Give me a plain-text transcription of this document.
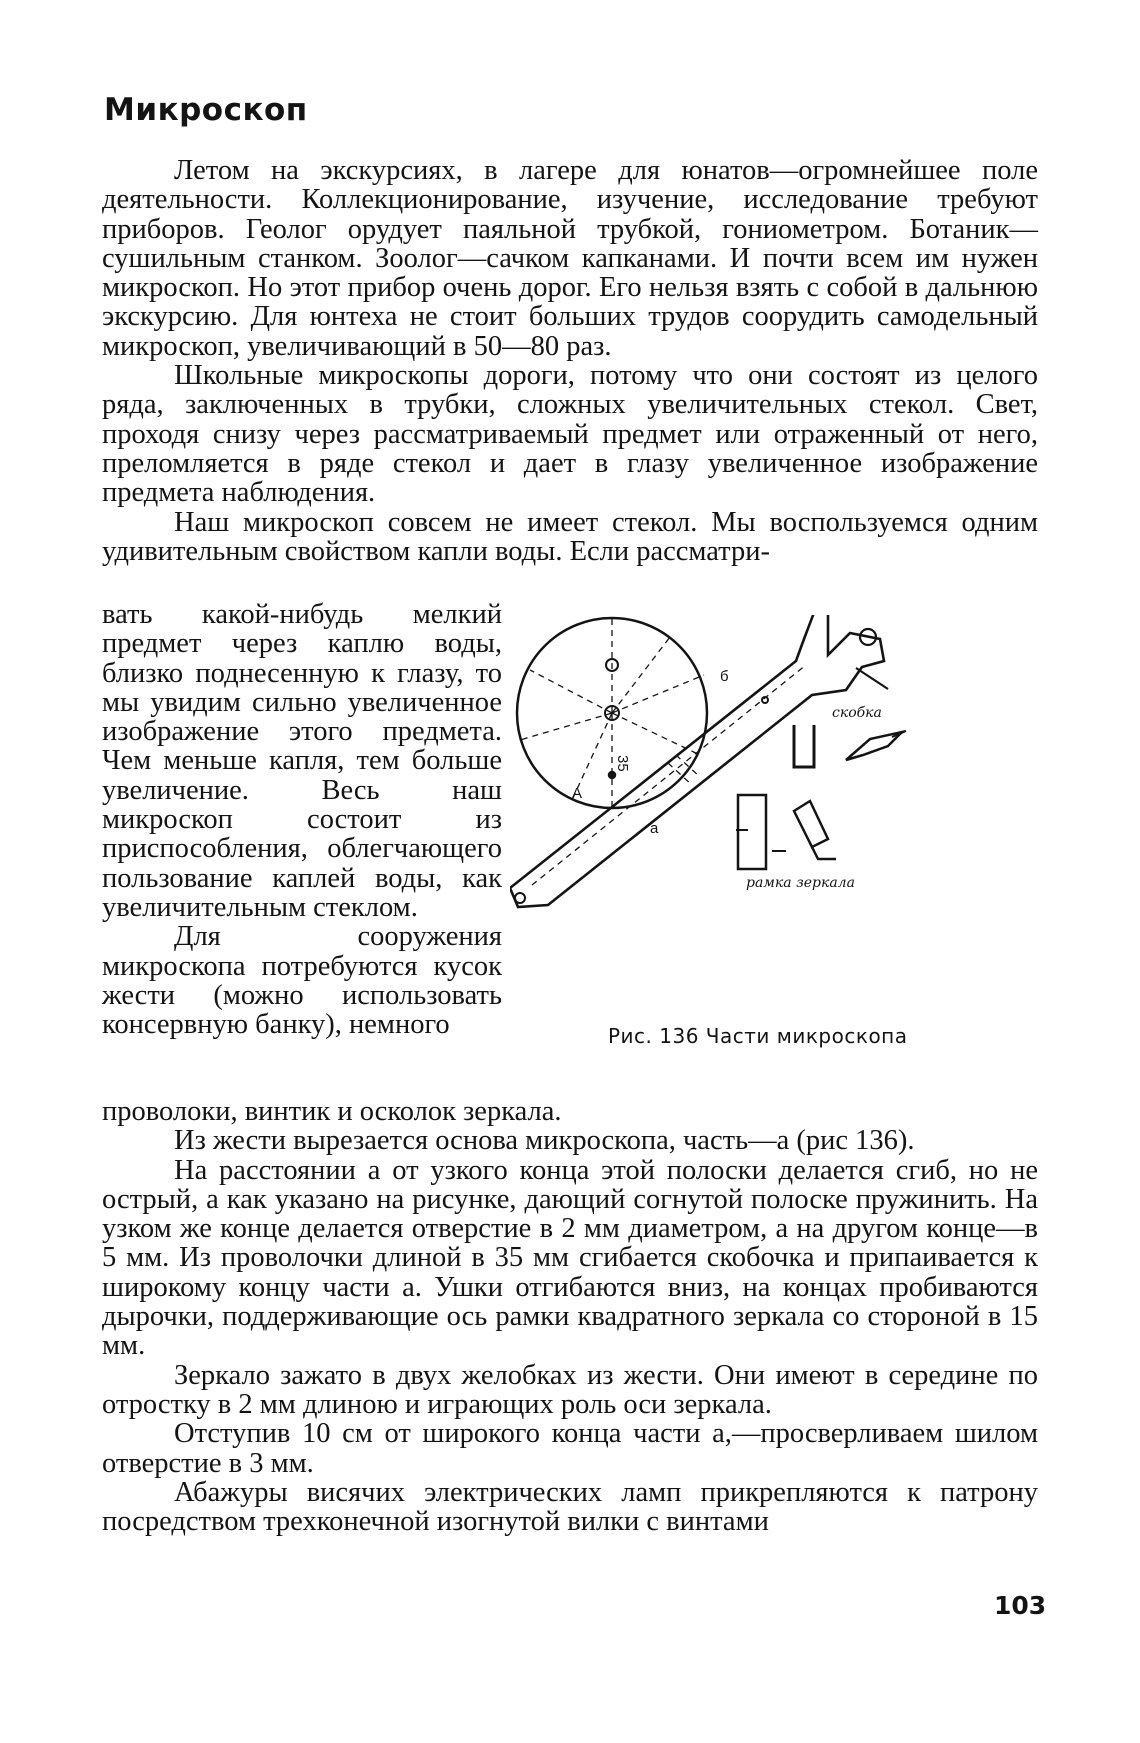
Микроскоп

Летом на экскурсиях, в лагере для юнатов—огромнейшее поле деятельности. Коллекционирование, изучение, исследование требуют приборов. Геолог орудует паяльной трубкой, гониометром. Ботаник—сушильным станком. Зоолог—сачком капканами. И почти всем им нужен микроскоп. Но этот прибор очень дорог. Его нельзя взять с собой в дальнюю экскурсию. Для юнтеха не стоит больших трудов соорудить самодельный микроскоп, увеличивающий в 50—80 раз.

Школьные микроскопы дороги, потому что они состоят из целого ряда, заключенных в трубки, сложных увеличительных стекол. Свет, проходя снизу через рассматриваемый предмет или отраженный от него, преломляется в ряде стекол и дает в глазу увеличенное изображение предмета наблюдения.

Наш микроскоп совсем не имеет стекол. Мы воспользуемся одним удивительным свойством капли воды. Если рассматри-

вать какой-нибудь мелкий предмет через каплю воды, близко поднесенную к глазу, то мы увидим сильно увеличенное изображение этого предмета. Чем меньше капля, тем больше увеличение. Весь наш микроскоп состоит из приспособления, облегчающего пользование каплей воды, как увеличительным стеклом.

Для сооружения микроскопа потребуются кусок жести (можно использовать консервную банку), немного

35
A
a
б
скобка
рамка зеркала
Рис. 136 Части микроскопа

проволоки, винтик и осколок зеркала.

Из жести вырезается основа микроскопа, часть—а (рис 136).

На расстоянии а от узкого конца этой полоски делается сгиб, но не острый, а как указано на рисунке, дающий согнутой полоске пружинить. На узком же конце делается отверстие в 2 мм диаметром, а на другом конце—в 5 мм. Из проволочки длиной в 35 мм сгибается скобочка и припаивается к широкому концу части а. Ушки отгибаются вниз, на концах пробиваются дырочки, поддерживающие ось рамки квадратного зеркала со стороной в 15 мм.

Зеркало зажато в двух желобках из жести. Они имеют в середине по отростку в 2 мм длиною и играющих роль оси зеркала.

Отступив 10 см от широкого конца части а,—просверливаем шилом отверстие в 3 мм.

Абажуры висячих электрических ламп прикрепляются к патрону посредством трехконечной изогнутой вилки с винтами

103
